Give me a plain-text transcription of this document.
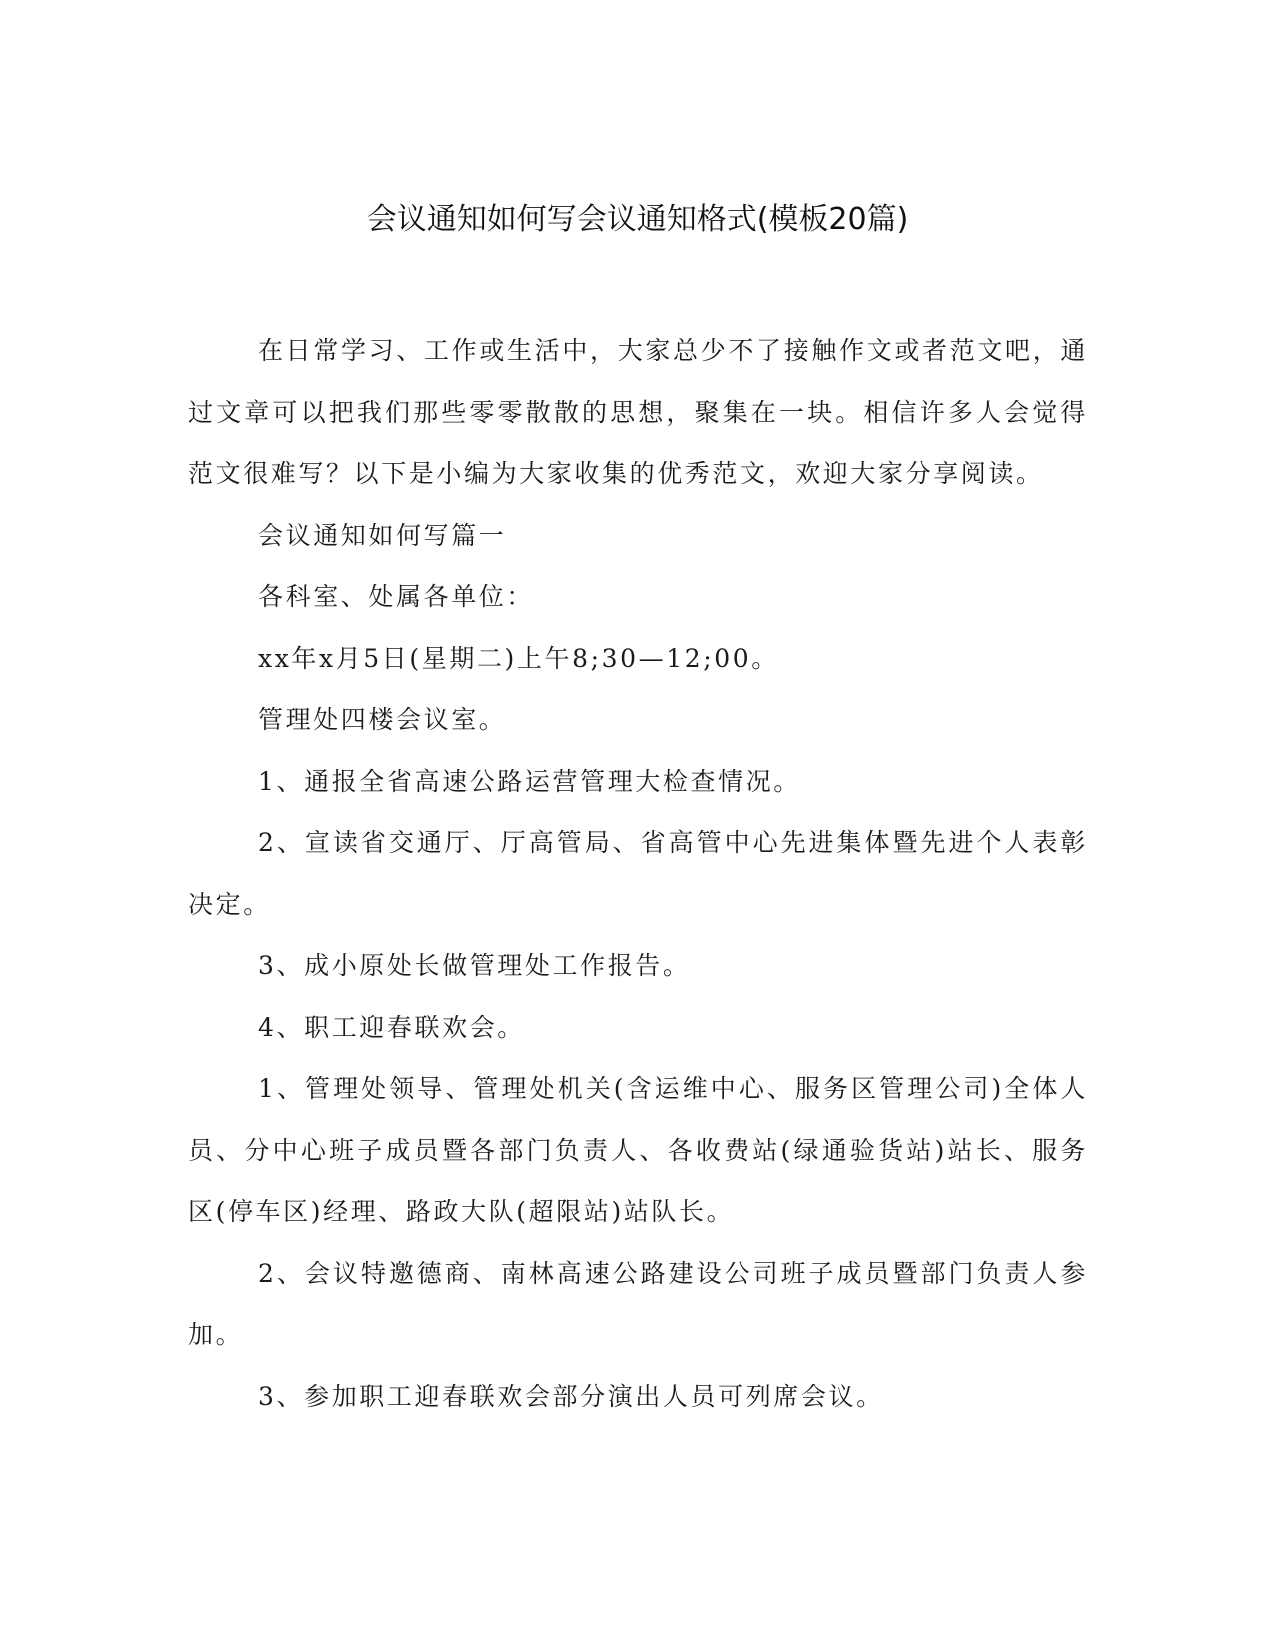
会议通知如何写会议通知格式(模板20篇)

在日常学习、工作或生活中，大家总少不了接触作文或者范文吧，通过文章可以把我们那些零零散散的思想，聚集在一块。相信许多人会觉得范文很难写？以下是小编为大家收集的优秀范文，欢迎大家分享阅读。

会议通知如何写篇一

各科室、处属各单位：

xx年x月5日(星期二)上午8;30—12;00。

管理处四楼会议室。

1、通报全省高速公路运营管理大检查情况。

2、宣读省交通厅、厅高管局、省高管中心先进集体暨先进个人表彰决定。

3、成小原处长做管理处工作报告。

4、职工迎春联欢会。

1、管理处领导、管理处机关(含运维中心、服务区管理公司)全体人员、分中心班子成员暨各部门负责人、各收费站(绿通验货站)站长、服务区(停车区)经理、路政大队(超限站)站队长。

2、会议特邀德商、南林高速公路建设公司班子成员暨部门负责人参加。

3、参加职工迎春联欢会部分演出人员可列席会议。
